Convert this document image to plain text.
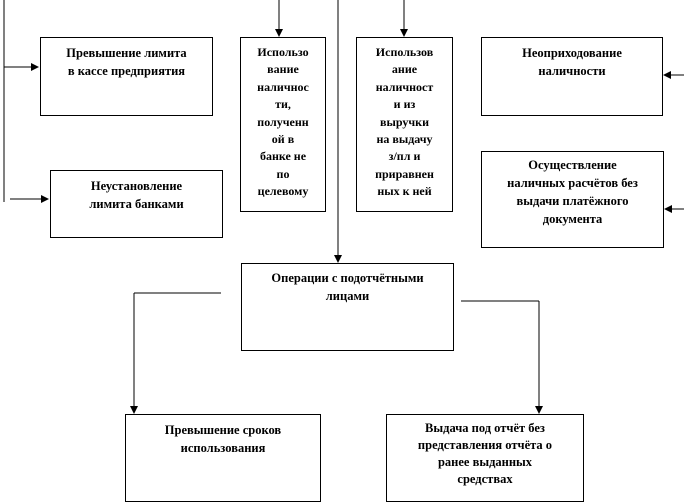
Превышение лимита
в кассе предприятия
Использо
вание
наличнос
ти,
полученн
ой в
банке не
по
целевому
Использов
ание
наличност
и из
выручки
на выдачу
з/пл и
приравнен
ных к ней
Неоприходование
наличности
Неустановление
лимита банками
Осуществление
наличных расчётов без
выдачи платёжного
документа
Операции с подотчётными
лицами
Превышение сроков
использования
Выдача под отчёт без
представления отчёта о
ранее выданных
средствах
